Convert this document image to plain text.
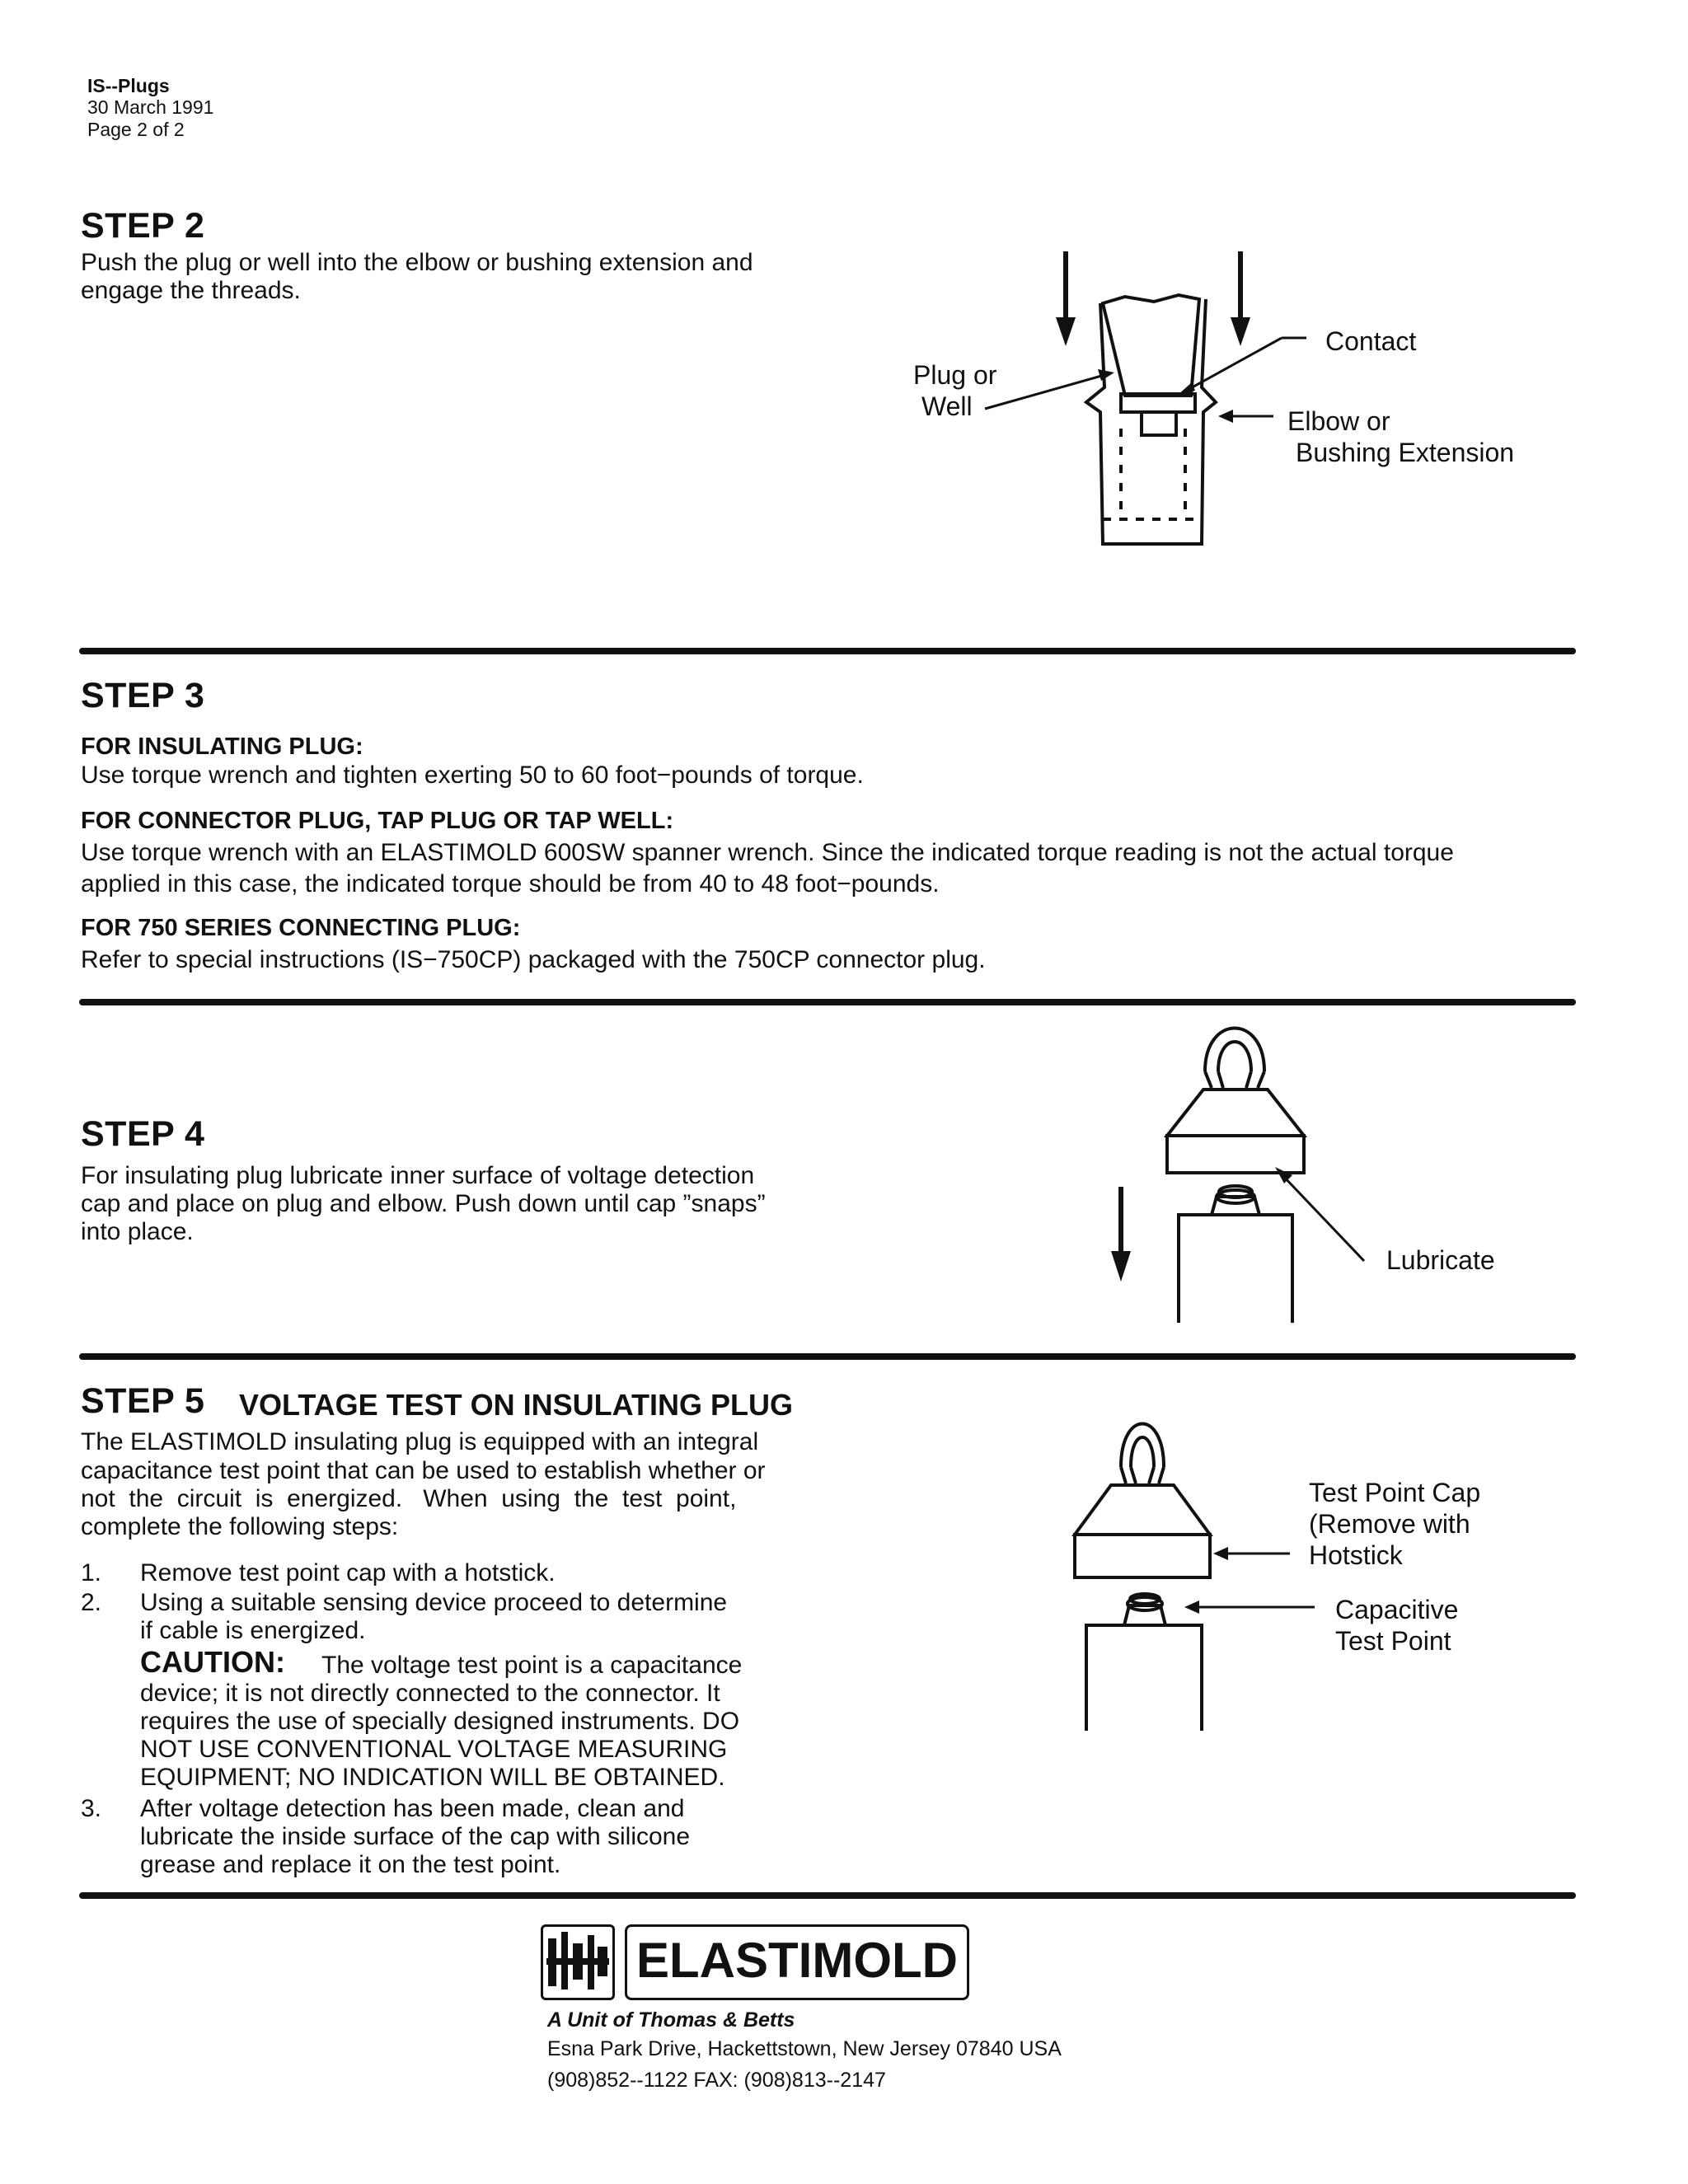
IS--Plugs
30 March 1991
Page 2 of 2
STEP 2
Push the plug or well into the elbow or bushing extension and
engage the threads.
Contact
Plug or
Well	Elbow or
Bushing Extension
STEP 3
FOR INSULATING PLUG:
Use torque wrench and tighten exerting 50 to 60 foot−pounds of torque.
FOR CONNECTOR PLUG, TAP PLUG OR TAP WELL:
Use torque wrench with an ELASTIMOLD 600SW spanner wrench. Since the indicated torque reading is not the actual torque
applied in this case, the indicated torque should be from 40 to 48 foot−pounds.
FOR 750 SERIES CONNECTING PLUG:
Refer to special instructions (IS−750CP) packaged with the 750CP connector plug.
STEP 4
For insulating plug lubricate inner surface of voltage detection
cap and place on plug and elbow. Push down until cap ”snaps”
into place.
Lubricate
STEP 5 VOLTAGE TEST ON INSULATING PLUG
The ELASTIMOLD insulating plug is equipped with an integral
capacitance test point that can be used to establish whether or
not  the  circuit  is  energized.   When  using  the  test  point,
complete the following steps:
1. Remove test point cap with a hotstick.
2. Using a suitable sensing device proceed to determine
if cable is energized.
CAUTION: The voltage test point is a capacitance
device; it is not directly connected to the connector. It
requires the use of specially designed instruments. DO
NOT USE CONVENTIONAL VOLTAGE MEASURING
EQUIPMENT; NO INDICATION WILL BE OBTAINED.
3. After voltage detection has been made, clean and
lubricate the inside surface of the cap with silicone
grease and replace it on the test point.
Test Point Cap
(Remove with
Hotstick
Capacitive
Test Point
ELASTIMOLD
A Unit of Thomas & Betts
Esna Park Drive, Hackettstown, New Jersey 07840 USA
(908)852--1122 FAX: (908)813--2147
